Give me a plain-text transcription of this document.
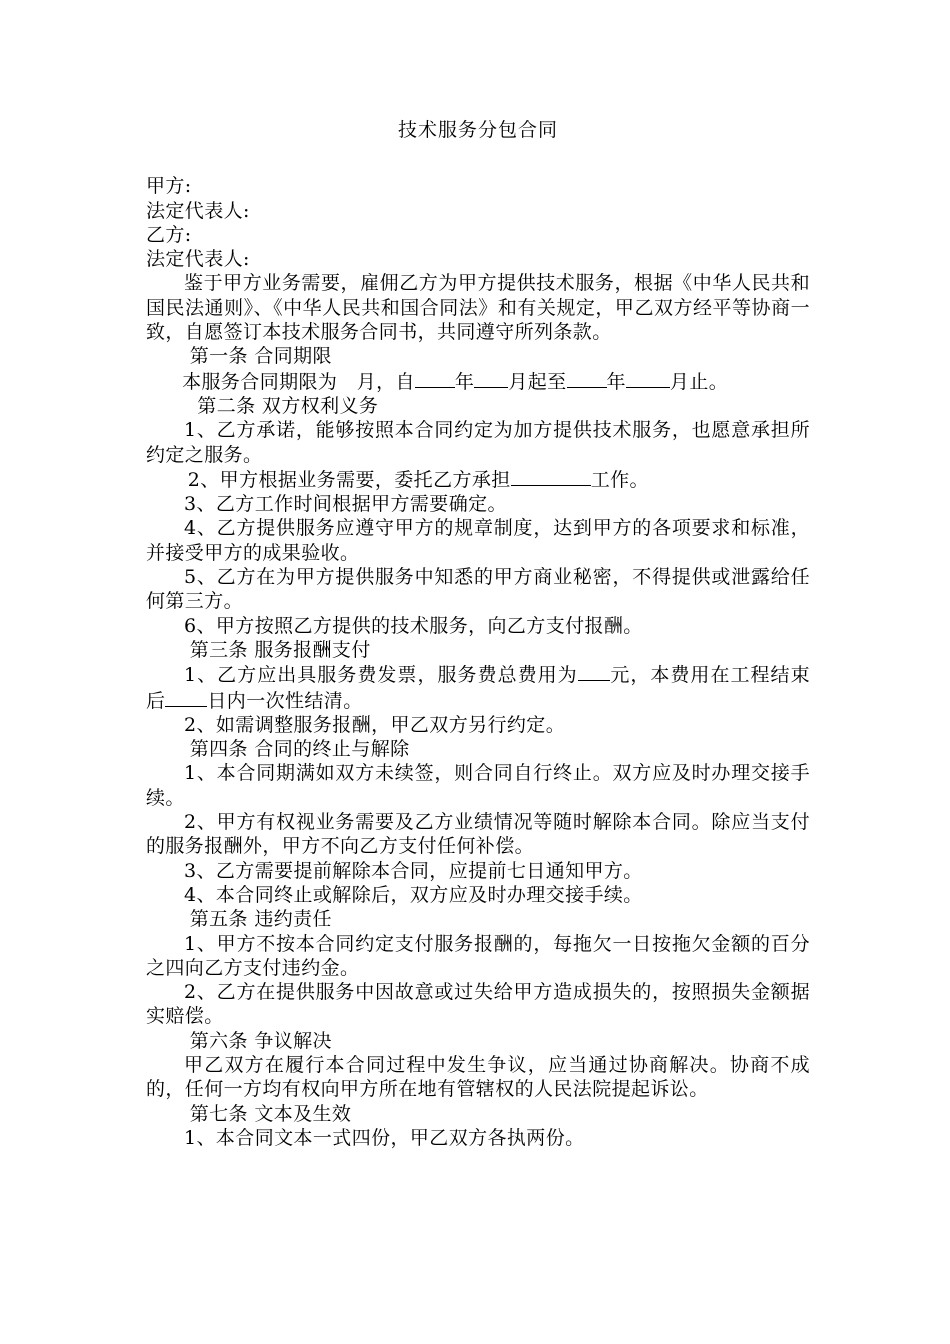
技术服务分包合同

甲方:

法定代表人:

乙方:

法定代表人:

鉴于甲方业务需要，雇佣乙方为甲方提供技术服务，根据《中华人民共和国民法通则》、《中华人民共和国合同法》和有关规定，甲乙双方经平等协商一致，自愿签订本技术服务合同书，共同遵守所列条款。

第一条 合同期限

本服务合同期限为　月，自 年 月起至 年 月止。

第二条 双方权利义务

1、乙方承诺，能够按照本合同约定为加方提供技术服务，也愿意承担所约定之服务。

2、甲方根据业务需要，委托乙方承担	工作。

3、乙方工作时间根据甲方需要确定。

4、乙方提供服务应遵守甲方的规章制度，达到甲方的各项要求和标准，并接受甲方的成果验收。

5、乙方在为甲方提供服务中知悉的甲方商业秘密，不得提供或泄露给任何第三方。

6、甲方按照乙方提供的技术服务，向乙方支付报酬。

第三条 服务报酬支付

1、乙方应出具服务费发票，服务费总费用为 元，本费用在工程结束后 日内一次性结清。

2、如需调整服务报酬，甲乙双方另行约定。

第四条 合同的终止与解除

1、本合同期满如双方未续签，则合同自行终止。双方应及时办理交接手续。

2、甲方有权视业务需要及乙方业绩情况等随时解除本合同。除应当支付的服务报酬外，甲方不向乙方支付任何补偿。

3、乙方需要提前解除本合同，应提前七日通知甲方。

4、本合同终止或解除后，双方应及时办理交接手续。

第五条 违约责任

1、甲方不按本合同约定支付服务报酬的，每拖欠一日按拖欠金额的百分之四向乙方支付违约金。

2、乙方在提供服务中因故意或过失给甲方造成损失的，按照损失金额据实赔偿。

第六条 争议解决

甲乙双方在履行本合同过程中发生争议，应当通过协商解决。协商不成的，任何一方均有权向甲方所在地有管辖权的人民法院提起诉讼。

第七条 文本及生效

1、本合同文本一式四份，甲乙双方各执两份。
